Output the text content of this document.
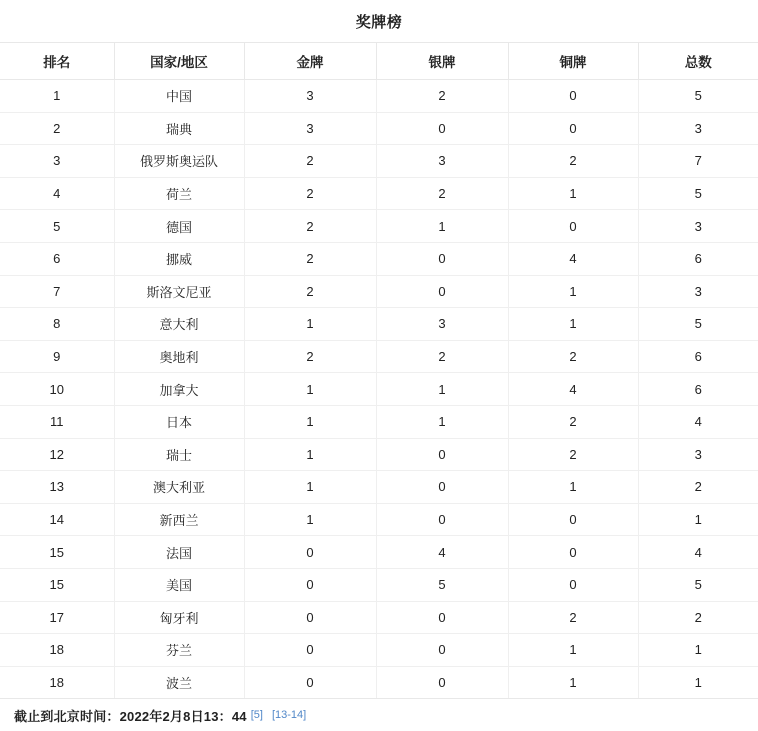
奖牌榜
排名	国家/地区	金牌	银牌	铜牌	总数
1	中国	3	2	0	5
2	瑞典	3	0	0	3
3	俄罗斯奥运队	2	3	2	7
4	荷兰	2	2	1	5
5	德国	2	1	0	3
6	挪威	2	0	4	6
7	斯洛文尼亚	2	0	1	3
8	意大利	1	3	1	5
9	奥地利	2	2	2	6
10	加拿大	1	1	4	6
11	日本	1	1	2	4
12	瑞士	1	0	2	3
13	澳大利亚	1	0	1	2
14	新西兰	1	0	0	1
15	法国	0	4	0	4
15	美国	0	5	0	5
17	匈牙利	0	0	2	2
18	芬兰	0	0	1	1
18	波兰	0	0	1	1
截止到北京时间：2022年2月8日13：44 [5] [13-14]
